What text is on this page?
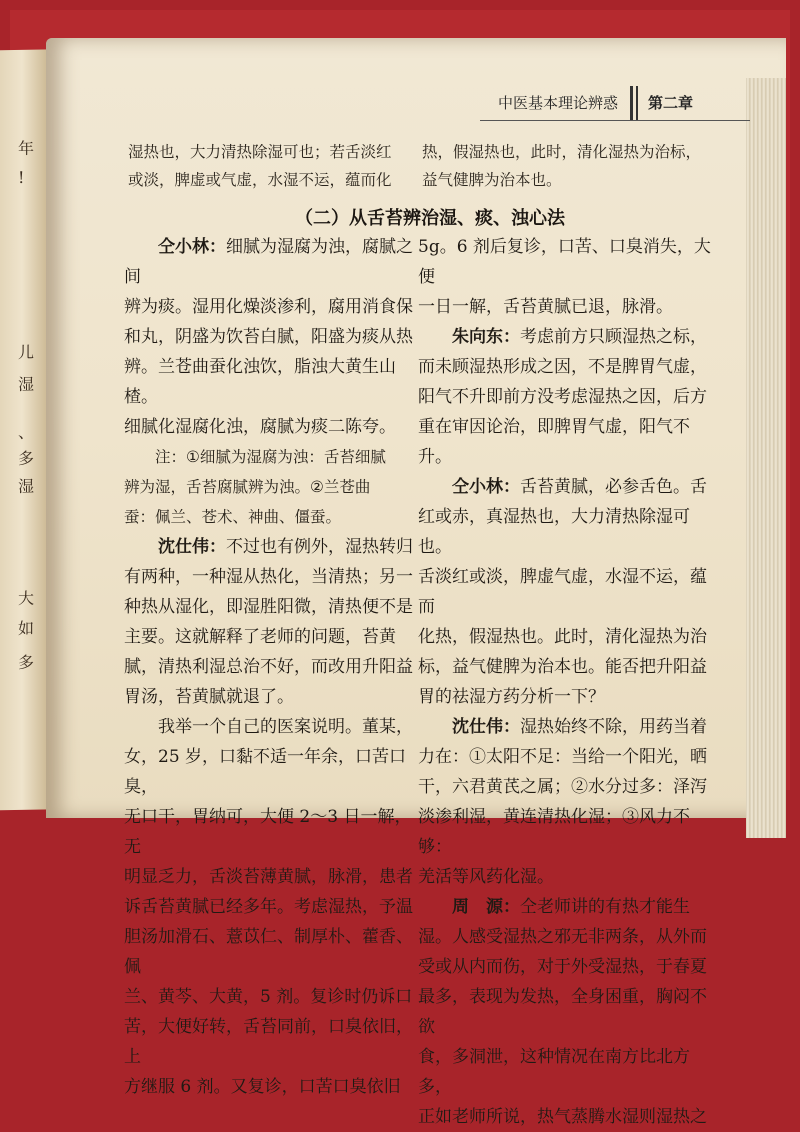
年
!
儿
湿
、
多
湿
大
如
多
中医基本理论辨惑 第二章

湿热也，大力清热除湿可也；若舌淡红

或淡，脾虚或气虚，水湿不运，蕴而化

热，假湿热也，此时，清化湿热为治标，

益气健脾为治本也。

（二）从舌苔辨治湿、痰、浊心法

仝小林：细腻为湿腐为浊，腐腻之间

辨为痰。湿用化燥淡渗利，腐用消食保

和丸，阴盛为饮苔白腻，阳盛为痰从热

辨。兰苍曲蚕化浊饮，脂浊大黄生山楂。

细腻化湿腐化浊，腐腻为痰二陈夸。

注：①细腻为湿腐为浊：舌苔细腻

辨为湿，舌苔腐腻辨为浊。②兰苍曲

蚕：佩兰、苍术、神曲、僵蚕。

沈仕伟：不过也有例外，湿热转归

有两种，一种湿从热化，当清热；另一

种热从湿化，即湿胜阳微，清热便不是

主要。这就解释了老师的问题，苔黄

腻，清热利湿总治不好，而改用升阳益

胃汤，苔黄腻就退了。

我举一个自己的医案说明。董某，

女，25 岁，口黏不适一年余，口苦口臭，

无口干，胃纳可，大便 2～3 日一解，无

明显乏力，舌淡苔薄黄腻，脉滑，患者

诉舌苔黄腻已经多年。考虑湿热，予温

胆汤加滑石、薏苡仁、制厚朴、藿香、佩

兰、黄芩、大黄，5 剂。复诊时仍诉口

苦，大便好转，舌苔同前，口臭依旧，上

方继服 6 剂。又复诊，口苦口臭依旧

5g。6 剂后复诊，口苦、口臭消失，大便

一日一解，舌苔黄腻已退，脉滑。

朱向东：考虑前方只顾湿热之标，

而未顾湿热形成之因，不是脾胃气虚，

阳气不升即前方没考虑湿热之因，后方

重在审因论治，即脾胃气虚，阳气不升。

仝小林：舌苔黄腻，必参舌色。舌

红或赤，真湿热也，大力清热除湿可也。

舌淡红或淡，脾虚气虚，水湿不运，蕴而

化热，假湿热也。此时，清化湿热为治

标，益气健脾为治本也。能否把升阳益

胃的祛湿方药分析一下？

沈仕伟：湿热始终不除，用药当着

力在：①太阳不足：当给一个阳光，晒

干，六君黄芪之属；②水分过多：泽泻

淡渗利湿，黄连清热化湿；③风力不够：

羌活等风药化湿。

周　源：仝老师讲的有热才能生

湿。人感受湿热之邪无非两条，从外而

受或从内而伤，对于外受湿热，于春夏

最多，表现为发热，全身困重，胸闷不欲

食，多洞泄，这种情况在南方比北方多，

正如老师所说，热气蒸腾水湿则湿热之
